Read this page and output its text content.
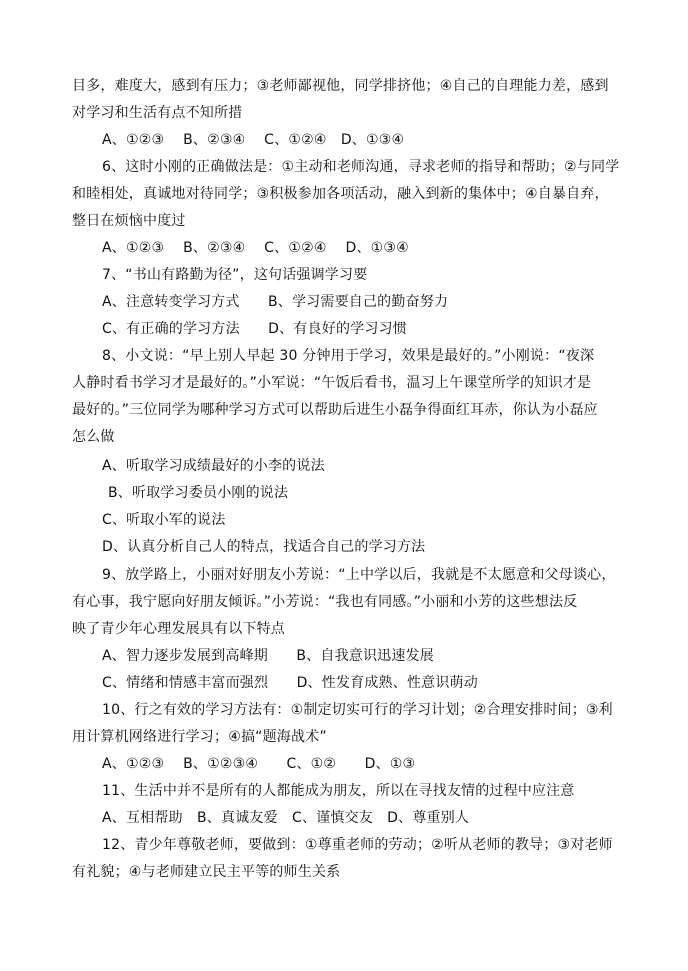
目多，难度大，感到有压力；③老师鄙视他，同学排挤他；④自己的自理能力差，感到
对学习和生活有点不知所措
A、①②③　 B、②③④　 C、①②④　D、①③④
6、这时小刚的正确做法是：①主动和老师沟通，寻求老师的指导和帮助；②与同学
和睦相处，真诚地对待同学；③积极参加各项活动，融入到新的集体中；④自暴自弃，
整日在烦恼中度过
A、①②③　 B、②③④　 C、①②④　 D、①③④
7、“书山有路勤为径”，这句话强调学习要
A、注意转变学习方式　　B、学习需要自己的勤奋努力
C、有正确的学习方法　　D、有良好的学习习惯
8、小文说：“早上别人早起 30 分钟用于学习，效果是最好的。”小刚说：“夜深
人静时看书学习才是最好的。”小军说：“午饭后看书，温习上午课堂所学的知识才是
最好的。”三位同学为哪种学习方式可以帮助后进生小磊争得面红耳赤，你认为小磊应
怎么做
A、听取学习成绩最好的小李的说法
B、听取学习委员小刚的说法
C、听取小军的说法
D、认真分析自己人的特点，找适合自己的学习方法
9、放学路上，小丽对好朋友小芳说：“上中学以后，我就是不太愿意和父母谈心，
有心事，我宁愿向好朋友倾诉。”小芳说：“我也有同感。”小丽和小芳的这些想法反
映了青少年心理发展具有以下特点
A、智力逐步发展到高峰期　　B、自我意识迅速发展
C、情绪和情感丰富而强烈　　D、性发育成熟、性意识萌动
10、行之有效的学习方法有：①制定切实可行的学习计划；②合理安排时间；③利
用计算机网络进行学习；④搞“题海战术”
A、①②③　 B、①②③④　　C、①②　　D、①③
11、生活中并不是所有的人都能成为朋友，所以在寻找友情的过程中应注意
A、互相帮助　B、真诚友爱　C、谨慎交友　D、尊重别人
12、青少年尊敬老师，要做到：①尊重老师的劳动；②听从老师的教导；③对老师
有礼貌；④与老师建立民主平等的师生关系
